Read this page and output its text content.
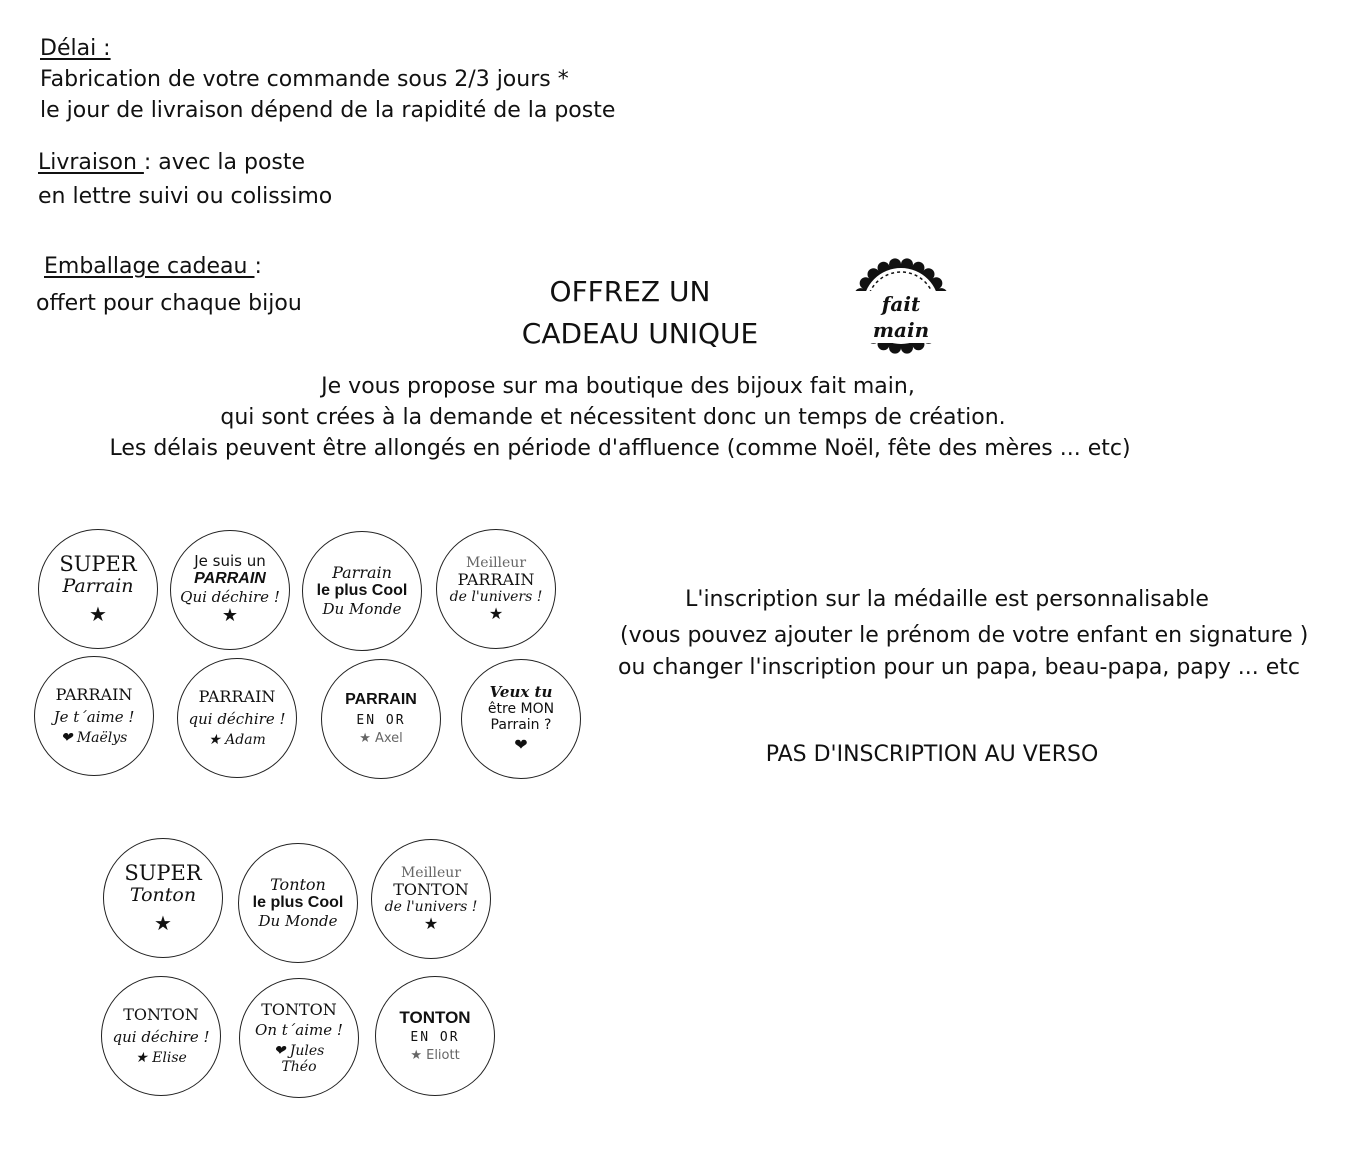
Délai :
Fabrication de votre commande sous 2/3 jours *
le jour de livraison dépend de la rapidité de la poste
Livraison : avec la poste
en lettre suivi ou colissimo
Emballage cadeau :
offert pour chaque bijou	OFFREZ UN
CADEAU UNIQUE
fait main
Je vous propose sur ma boutique des bijoux fait main,
qui sont crées à la demande et nécessitent donc un temps de création.
Les délais peuvent être allongés en période d'affluence (comme Noël, fête des mères ... etc)
L'inscription sur la médaille est personnalisable
(vous pouvez ajouter le prénom de votre enfant en signature )
ou changer l'inscription pour un papa, beau-papa, papy ... etc
PAS D'INSCRIPTION AU VERSO
SUPER
Parrain
★
Je suis un
PARRAIN
Qui déchire !
★
Parrain
le plus Cool
Du Monde
Meilleur
PARRAIN
de l'univers !
★
PARRAIN
Je t´aime !
❤ Maëlys
PARRAIN
qui déchire !
★ Adam
PARRAIN
EN OR
★ Axel
Veux tu
être MON
Parrain ?
❤
SUPER
Tonton
★
Tonton
le plus Cool
Du Monde
Meilleur
TONTON
de l'univers !
★
TONTON
qui déchire !
★ Elise
TONTON
On t´aime !
❤ Jules
Théo
TONTON
EN OR
★ Eliott
